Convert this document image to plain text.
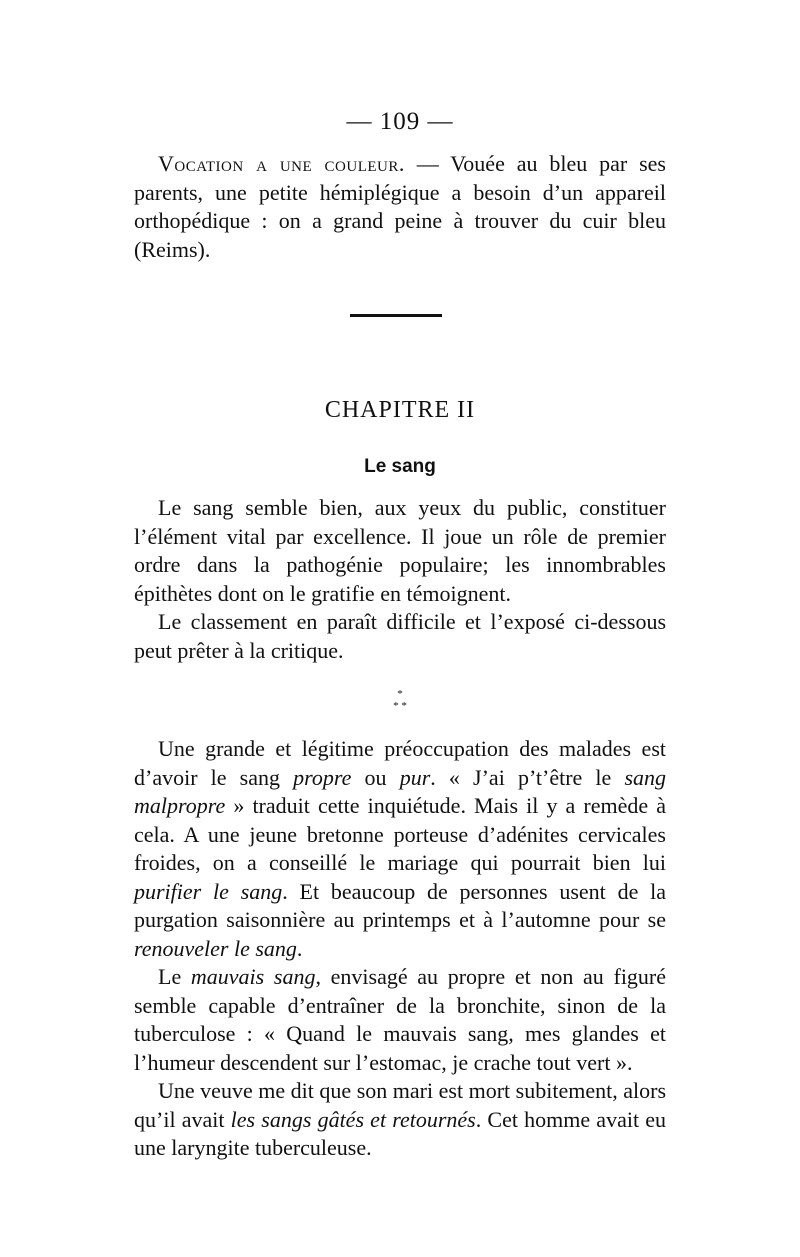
— 109 —

Vocation a une couleur. — Vouée au bleu par ses parents, une petite hémiplégique a besoin d’un appareil orthopédique : on a grand peine à trouver du cuir bleu (Reims).

CHAPITRE II
Le sang

Le sang semble bien, aux yeux du public, constituer l’élément vital par excellence. Il joue un rôle de premier ordre dans la pathogénie populaire; les innombrables épithètes dont on le gratifie en témoignent.

Le classement en paraît difficile et l’exposé ci-dessous peut prêter à la critique.

*
* *

Une grande et légitime préoccupation des malades est d’avoir le sang propre ou pur. « J’ai p’t’être le sang malpropre » traduit cette inquiétude. Mais il y a remède à cela. A une jeune bretonne porteuse d’adénites cervicales froides, on a conseillé le mariage qui pourrait bien lui purifier le sang. Et beaucoup de personnes usent de la purgation saisonnière au printemps et à l’automne pour se renouveler le sang.

Le mauvais sang, envisagé au propre et non au figuré semble capable d’entraîner de la bronchite, sinon de la tuberculose : « Quand le mauvais sang, mes glandes et l’humeur descendent sur l’estomac, je crache tout vert ».

Une veuve me dit que son mari est mort subitement, alors qu’il avait les sangs gâtés et retournés. Cet homme avait eu une laryngite tuberculeuse.
